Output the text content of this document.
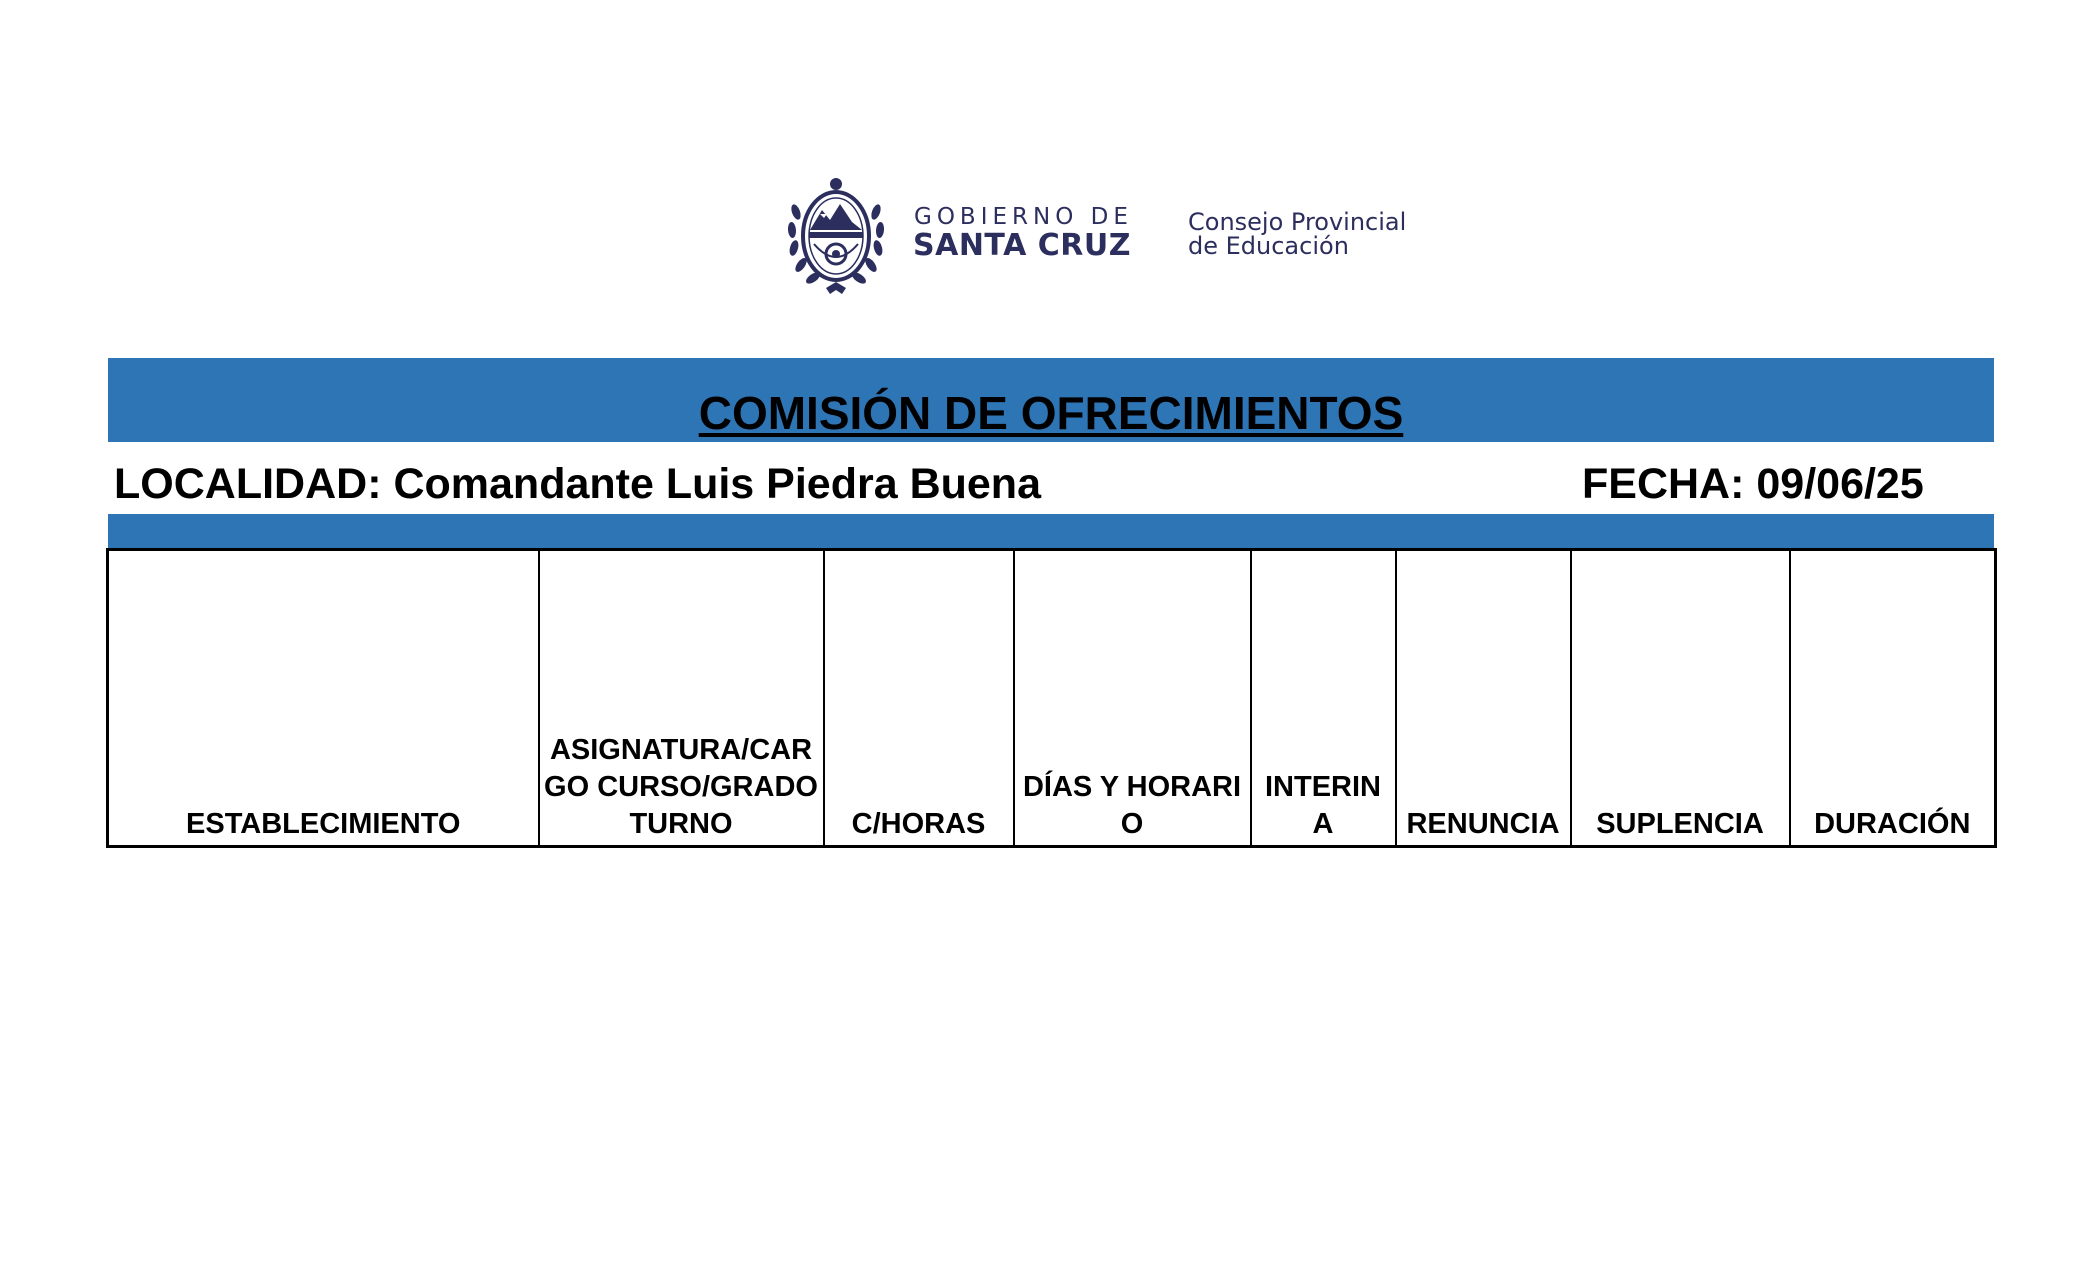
GOBIERNO DE
SANTA CRUZ
Consejo Provincial
de Educación
COMISIÓN DE OFRECIMIENTOS
LOCALIDAD: Comandante Luis Piedra Buena	FECHA: 09/06/25
ESTABLECIMIENTO	ASIGNATURA/CARGO CURSO/GRADO TURNO	C/HORAS	DÍAS Y HORARIO	INTERINA	RENUNCIA	SUPLENCIA	DURACIÓN
